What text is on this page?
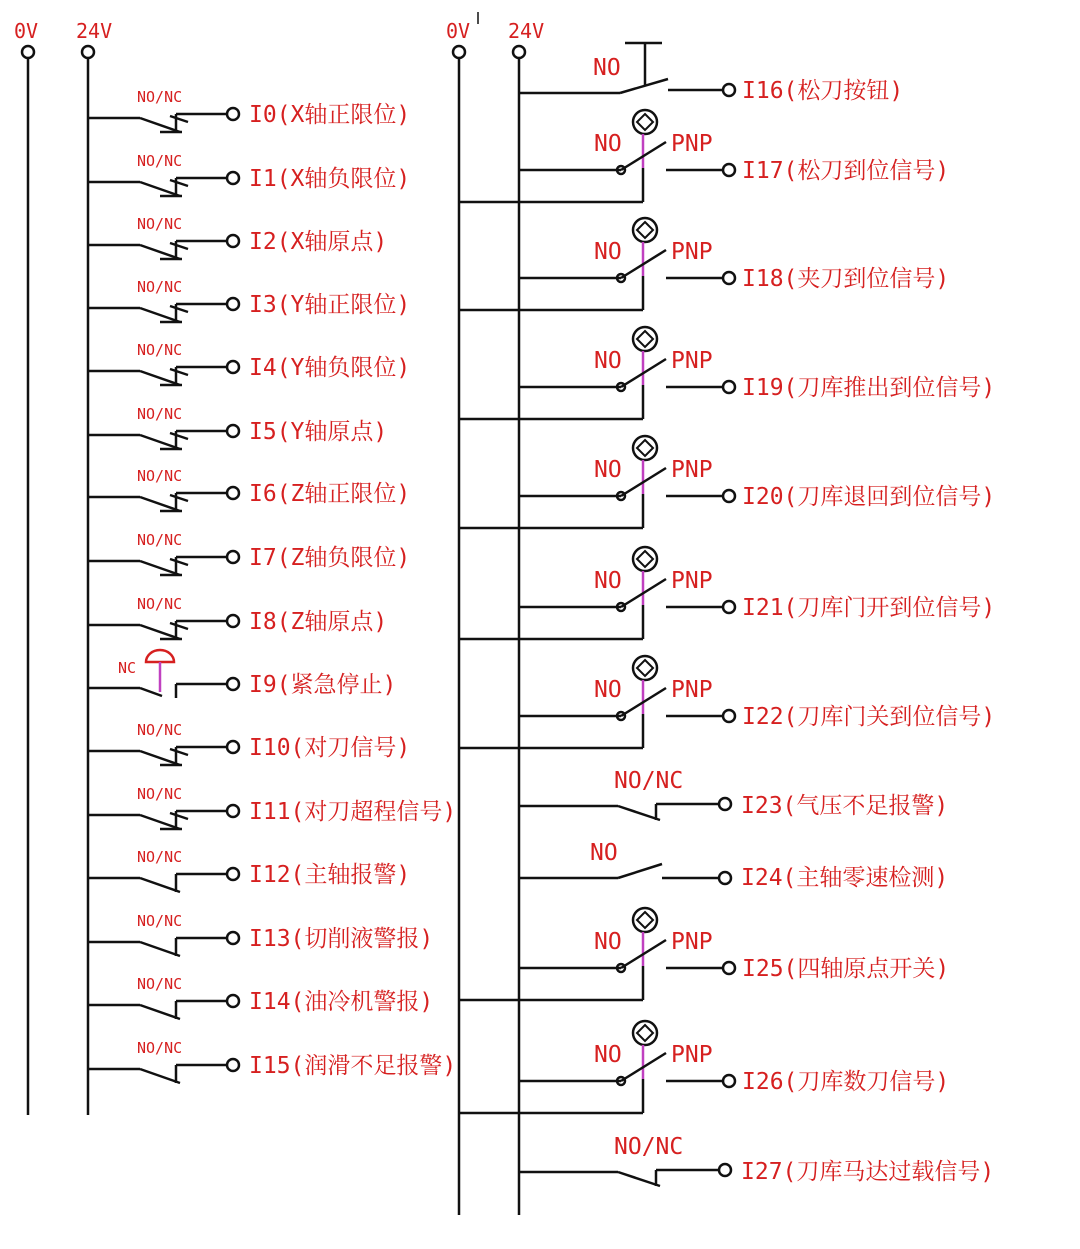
0V 24V
NO/NC
I0(X轴正限位)
NO/NC
I1(X轴负限位)
NO/NC
I2(X轴原点)
NO/NC
I3(Y轴正限位)
NO/NC
I4(Y轴负限位)
NO/NC
I5(Y轴原点)
NO/NC
I6(Z轴正限位)
NO/NC
I7(Z轴负限位)
NO/NC
I8(Z轴原点)
NC
I9(紧急停止)
NO/NC
I10(对刀信号)
NO/NC
I11(对刀超程信号)
NO/NC
I12(主轴报警)
NO/NC
I13(切削液警报)
NO/NC
I14(油冷机警报)
NO/NC
I15(润滑不足报警)
0V 24V
NO
I16(松刀按钮)
NO PNP
I17(松刀到位信号)
NO PNP
I18(夹刀到位信号)
NO PNP
I19(刀库推出到位信号)
NO PNP
I20(刀库退回到位信号)
NO PNP
I21(刀库门开到位信号)
NO PNP
I22(刀库门关到位信号)
NO/NC
I23(气压不足报警)
NO
I24(主轴零速检测)
NO PNP
I25(四轴原点开关)
NO PNP
I26(刀库数刀信号)
NO/NC
I27(刀库马达过载信号)
